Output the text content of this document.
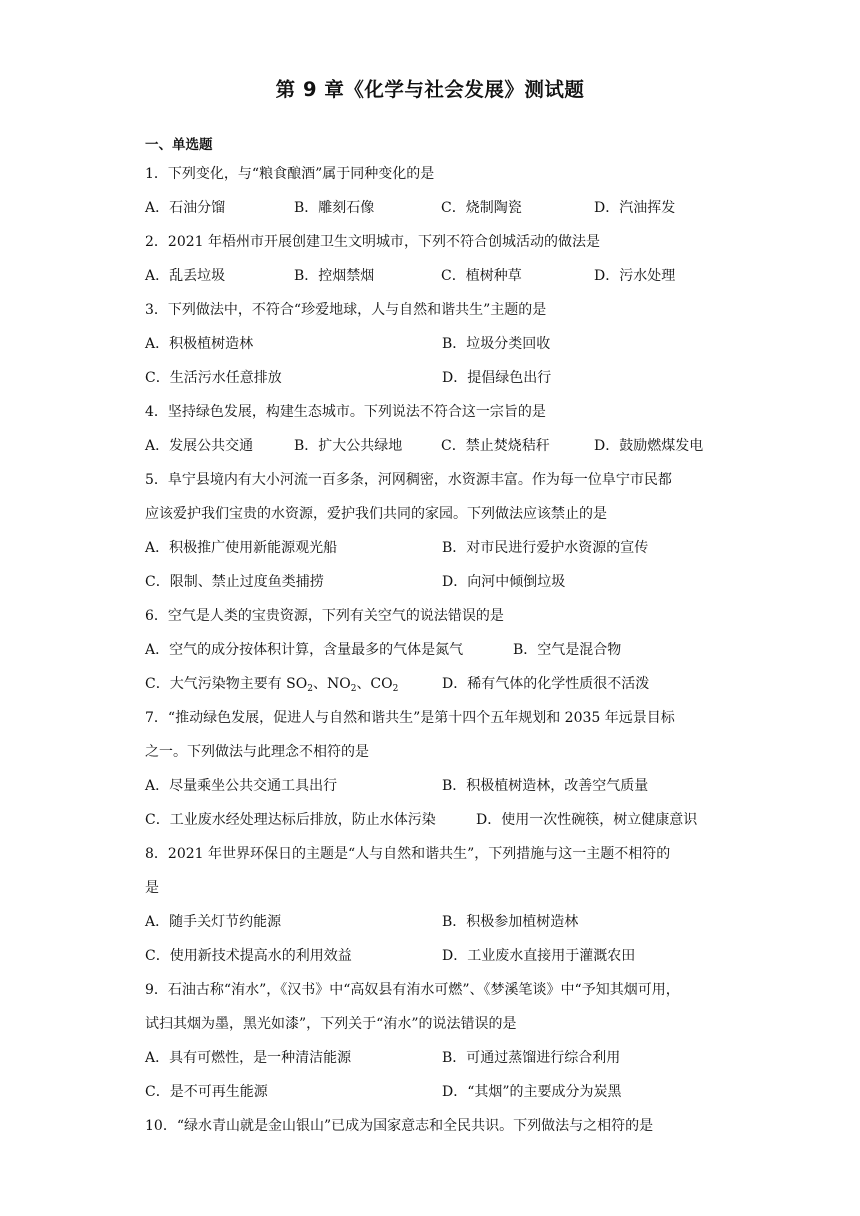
第 9 章《化学与社会发展》测试题
一、单选题
1．下列变化，与“粮食酿酒”属于同种变化的是
A．石油分馏	B．雕刻石像	C．烧制陶瓷	D．汽油挥发
2．2021 年梧州市开展创建卫生文明城市，下列不符合创城活动的做法是
A．乱丢垃圾	B．控烟禁烟	C．植树种草	D．污水处理
3．下列做法中，不符合“珍爱地球，人与自然和谐共生”主题的是
A．积极植树造林	B．垃圾分类回收
C．生活污水任意排放	D．提倡绿色出行
4．坚持绿色发展，构建生态城市。下列说法不符合这一宗旨的是
A．发展公共交通	B．扩大公共绿地	C．禁止焚烧秸秆	D．鼓励燃煤发电
5．阜宁县境内有大小河流一百多条，河网稠密，水资源丰富。作为每一位阜宁市民都
应该爱护我们宝贵的水资源，爱护我们共同的家园。下列做法应该禁止的是
A．积极推广使用新能源观光船	B．对市民进行爱护水资源的宣传
C．限制、禁止过度鱼类捕捞	D．向河中倾倒垃圾
6．空气是人类的宝贵资源，下列有关空气的说法错误的是
A．空气的成分按体积计算，含量最多的气体是氮气	B．空气是混合物
C．大气污染物主要有 $SO_2$、$NO_2$、$CO_2$	D．稀有气体的化学性质很不活泼
7．“推动绿色发展，促进人与自然和谐共生”是第十四个五年规划和 2035 年远景目标
之一。下列做法与此理念不相符的是
A．尽量乘坐公共交通工具出行	B．积极植树造林，改善空气质量
C．工业废水经处理达标后排放，防止水体污染	D．使用一次性碗筷，树立健康意识
8．2021 年世界环保日的主题是“人与自然和谐共生”，下列措施与这一主题不相符的
是
A．随手关灯节约能源	B．积极参加植树造林
C．使用新技术提高水的利用效益	D．工业废水直接用于灌溉农田
9．石油古称“洧水”，《汉书》中“高奴县有洧水可燃”、《梦溪笔谈》中“予知其烟可用，
试扫其烟为墨，黑光如漆”，下列关于“洧水”的说法错误的是
A．具有可燃性，是一种清洁能源	B．可通过蒸馏进行综合利用
C．是不可再生能源	D．“其烟”的主要成分为炭黑
10．“绿水青山就是金山银山”已成为国家意志和全民共识。下列做法与之相符的是
